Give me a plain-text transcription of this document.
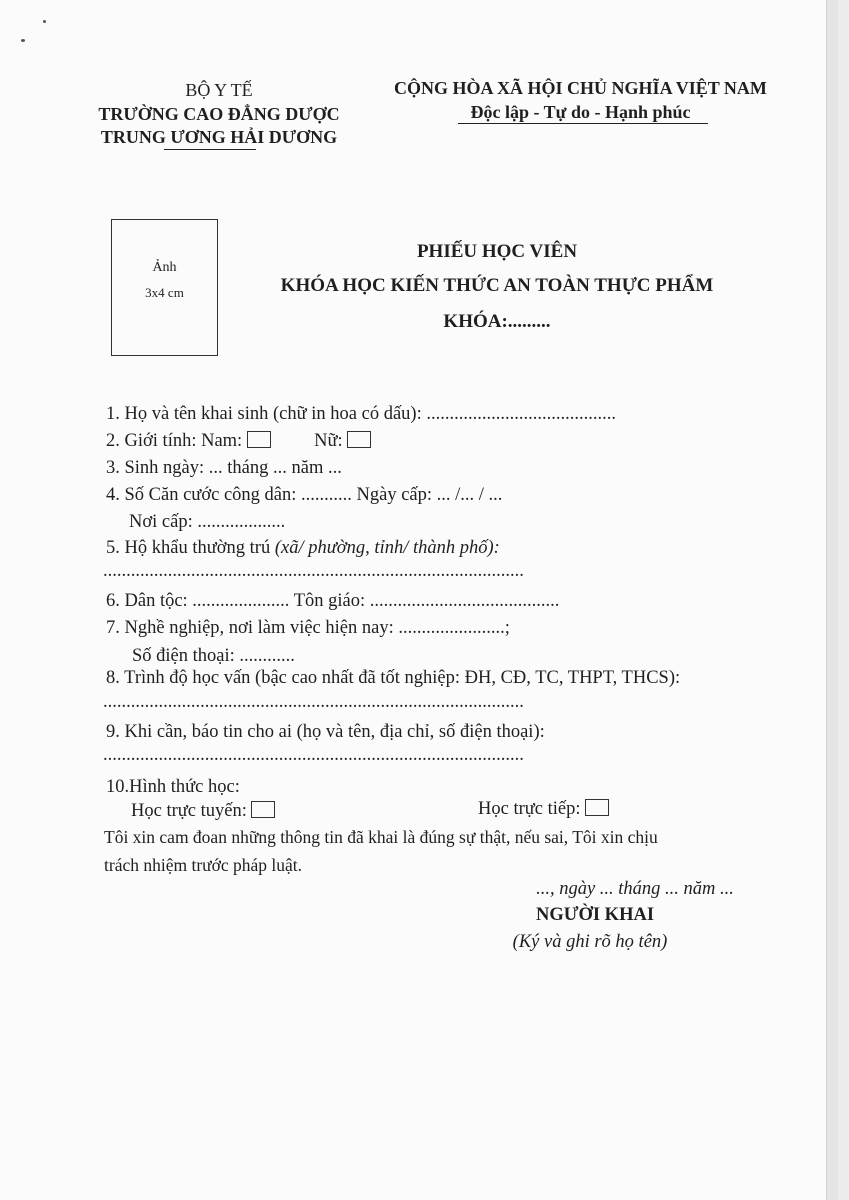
BỘ Y TẾ
TRƯỜNG CAO ĐẲNG DƯỢC
TRUNG ƯƠNG HẢI DƯƠNG
CỘNG HÒA XÃ HỘI CHỦ NGHĨA VIỆT NAM
Độc lập - Tự do - Hạnh phúc
Ảnh
3x4 cm
PHIẾU HỌC VIÊN
KHÓA HỌC KIẾN THỨC AN TOÀN THỰC PHẨM
KHÓA:.........
1. Họ và tên khai sinh (chữ in hoa có dấu): .........................................
2. Giới tính: Nam:	Nữ:
3. Sinh ngày: ... tháng ... năm ...
4. Số Căn cước công dân: ........... Ngày cấp: ... /... / ...
Nơi cấp: ...................
5. Hộ khẩu thường trú (xã/ phường, tỉnh/ thành phố):
...........................................................................................
6. Dân tộc: ..................... Tôn giáo: .........................................
7. Nghề nghiệp, nơi làm việc hiện nay: .......................;
Số điện thoại: ............
8. Trình độ học vấn (bậc cao nhất đã tốt nghiệp: ĐH, CĐ, TC, THPT, THCS):
...........................................................................................
9. Khi cần, báo tin cho ai (họ và tên, địa chỉ, số điện thoại):
...........................................................................................
10.Hình thức học:
Học trực tuyến:	Học trực tiếp:
Tôi xin cam đoan những thông tin đã khai là đúng sự thật, nếu sai, Tôi xin chịu
trách nhiệm trước pháp luật.
..., ngày ... tháng ... năm ...
NGƯỜI KHAI
(Ký và ghi rõ họ tên)
